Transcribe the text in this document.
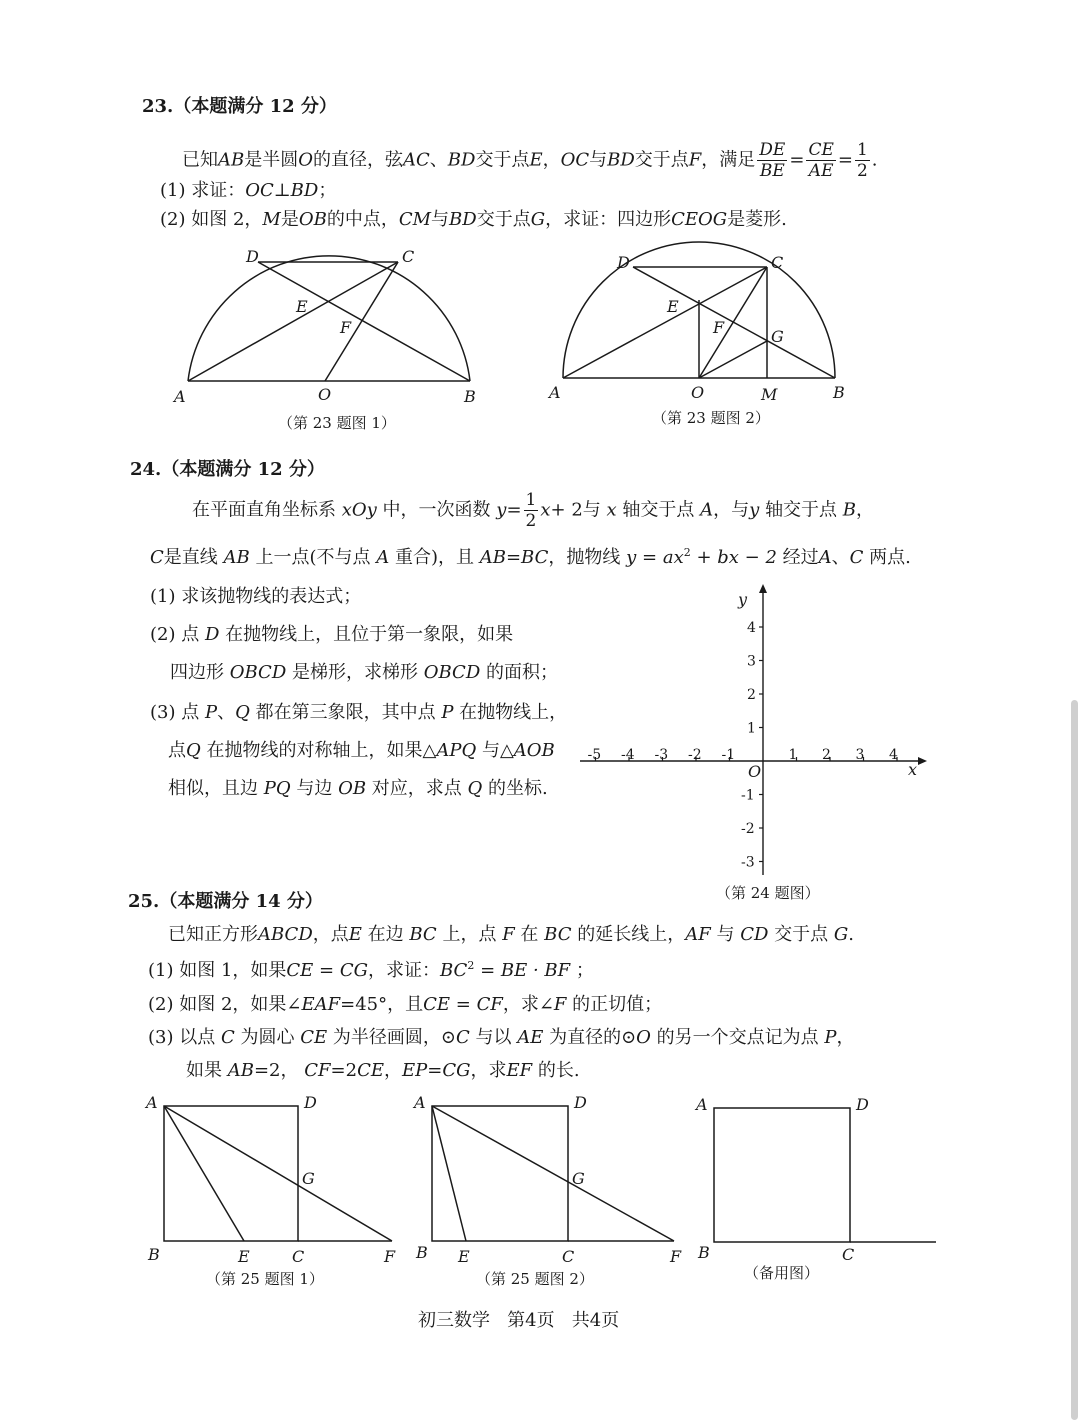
23.（本题满分 12 分）
已知AB是半圆O的直径，弦AC、BD交于点E，OC与BD交于点F，满足 $\frac{DE}{BE} = \frac{CE}{AE} = \frac{1}{2}$ .
(1) 求证：OC⊥BD；
(2) 如图 2，M是OB的中点，CM与BD交于点G，求证：四边形CEOG是菱形.
A	B
C
D
E
F
O
（第 23 题图 1）
A	B
C
D
E
F	G
O	M
（第 23 题图 2）
24.（本题满分 12 分）
在平面直角坐标系 xOy 中，一次函数 $y= \frac{1}{2} x+ 2$与 x 轴交于点 A，与y 轴交于点 B，
C是直线 AB 上一点(不与点 A 重合)，且 AB=BC，抛物线 $y = ax^2$ + bx − 2 经过A、C 两点.
(1) 求该抛物线的表达式；
(2) 点 D 在抛物线上，且位于第一象限，如果
四边形 OBCD 是梯形，求梯形 OBCD 的面积；
(3) 点 P、Q 都在第三象限，其中点 P 在抛物线上，
点Q 在抛物线的对称轴上，如果△APQ 与△AOB
相似，且边 PQ 与边 OB 对应，求点 Q 的坐标.
y
x
O
-5 -4 -3 -2 -1	1 2 3 4
4
3
2
1
-1
-2
-3
（第 24 题图）
25.（本题满分 14 分）
已知正方形ABCD，点E 在边 BC 上，点 F 在 BC 的延长线上，AF 与 CD 交于点 G.
(1) 如图 1，如果CE = CG，求证：$BC^2$ = BE · BF ；
(2) 如图 2，如果∠EAF=45°，且CE = CF，求∠F 的正切值；
(3) 以点 C 为圆心 CE 为半径画圆，⊙C 与以 AE 为直径的⊙O 的另一个交点记为点 P，
如果 AB=2， CF=2CE，EP=CG，求EF 的长.
A	D
B	E	C	F
G
（第 25 题图 1）
A	D
B E	C	F
G
（第 25 题图 2）
A	D
B	C
（备用图）
初三数学   第4页   共4页
